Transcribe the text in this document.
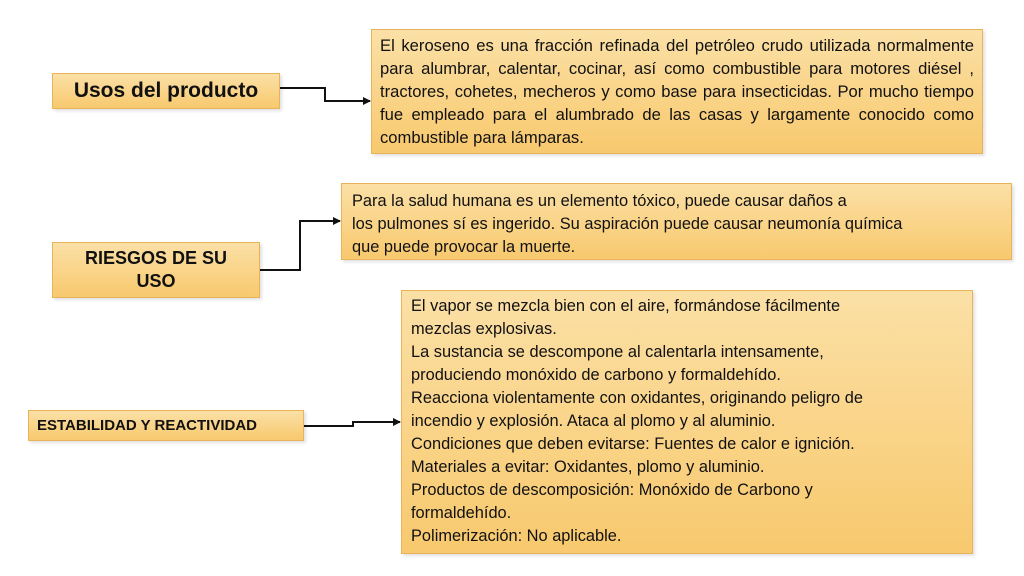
Usos del producto
El keroseno es una fracción refinada del petróleo crudo utilizada normalmente para alumbrar, calentar, cocinar, así como combustible para motores diésel , tractores, cohetes, mecheros y como base para insecticidas. Por mucho tiempo fue empleado para el alumbrado de las casas y largamente conocido como combustible para lámparas.
RIESGOS DE SU
USO
Para la salud humana es un elemento tóxico, puede causar daños a
los pulmones sí es ingerido. Su aspiración puede causar neumonía química
que puede provocar la muerte.
ESTABILIDAD Y REACTIVIDAD
El vapor se mezcla bien con el aire, formándose fácilmente
mezclas explosivas.
La sustancia se descompone al calentarla intensamente,
produciendo monóxido de carbono y formaldehído.
Reacciona violentamente con oxidantes, originando peligro de
incendio y explosión. Ataca al plomo y al aluminio.
Condiciones que deben evitarse: Fuentes de calor e ignición.
Materiales a evitar: Oxidantes, plomo y aluminio.
Productos de descomposición: Monóxido de Carbono y
formaldehído.
Polimerización: No aplicable.
